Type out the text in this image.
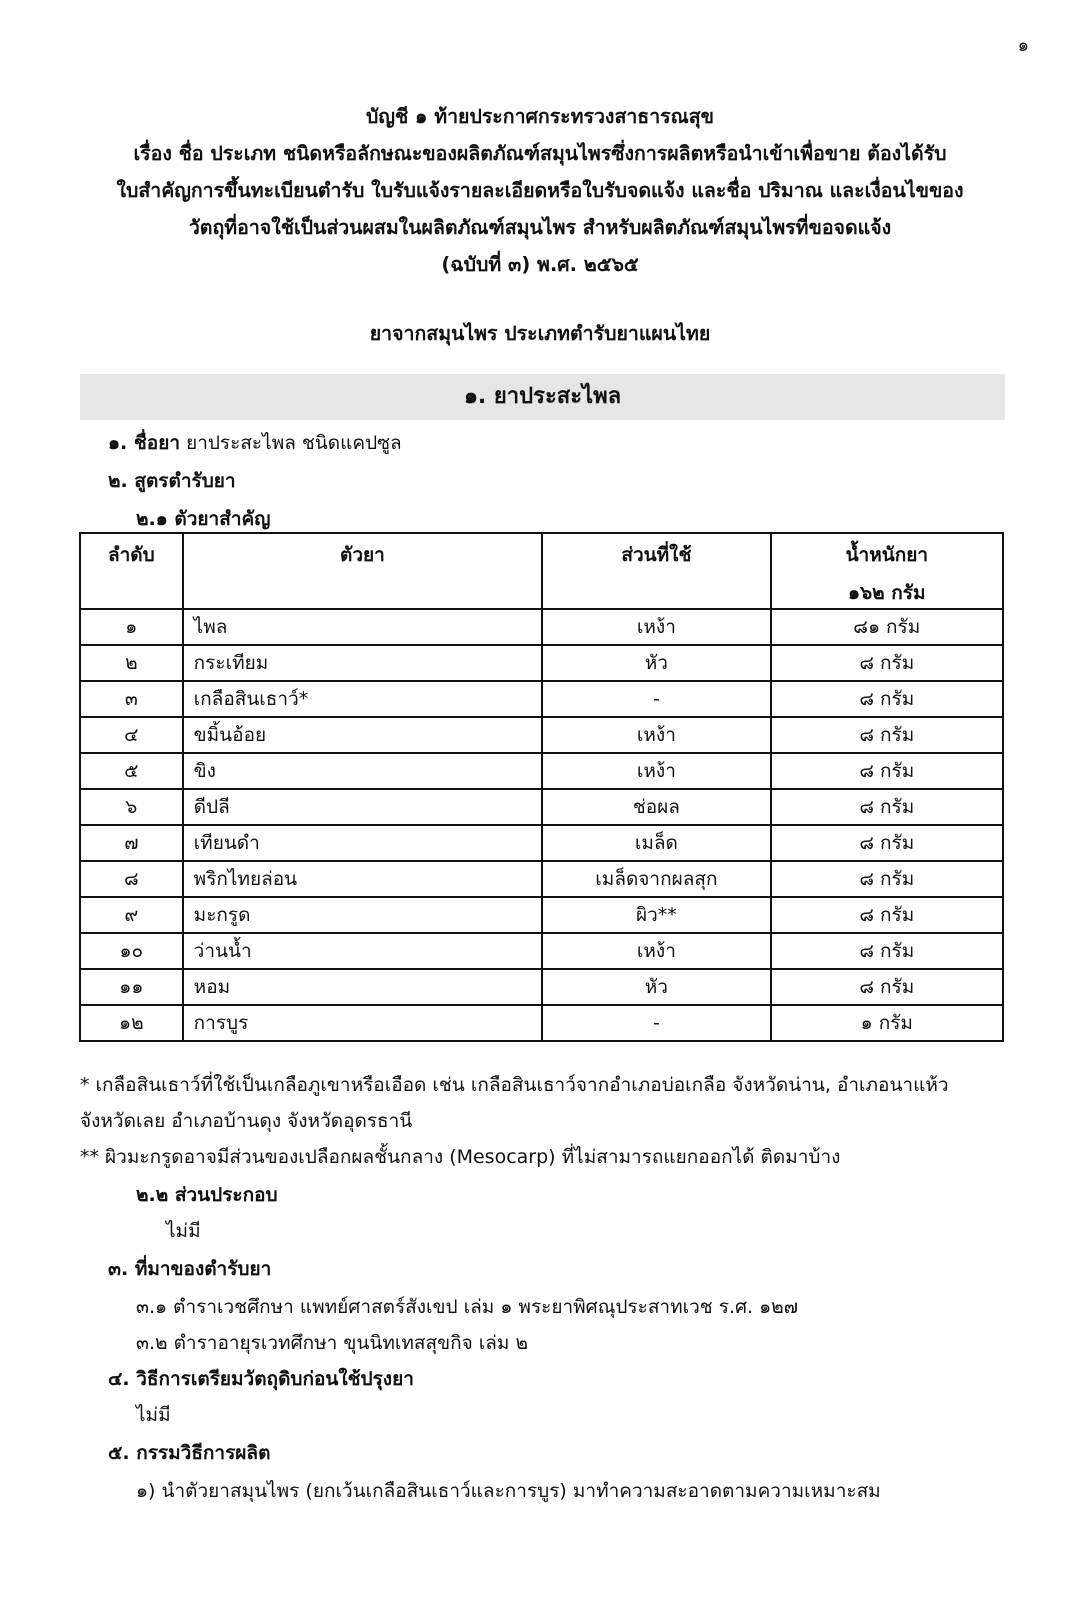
๑
บัญชี ๑ ท้ายประกาศกระทรวงสาธารณสุข
เรื่อง ชื่อ ประเภท ชนิดหรือลักษณะของผลิตภัณฑ์สมุนไพรซึ่งการผลิตหรือนำเข้าเพื่อขาย ต้องได้รับ
ใบสำคัญการขึ้นทะเบียนตำรับ ใบรับแจ้งรายละเอียดหรือใบรับจดแจ้ง และชื่อ ปริมาณ และเงื่อนไขของ
วัตถุที่อาจใช้เป็นส่วนผสมในผลิตภัณฑ์สมุนไพร สำหรับผลิตภัณฑ์สมุนไพรที่ขอจดแจ้ง
(ฉบับที่ ๓) พ.ศ. ๒๕๖๕
ยาจากสมุนไพร ประเภทตำรับยาแผนไทย
๑. ยาประสะไพล
๑. ชื่อยา ยาประสะไพล ชนิดแคปซูล
๒. สูตรตำรับยา
๒.๑ ตัวยาสำคัญ
ลำดับ	ตัวยา	ส่วนที่ใช้	น้ำหนักยา
๑๖๒ กรัม

๑	ไพล	เหง้า	๘๑ กรัม
๒	กระเทียม	หัว	๘ กรัม
๓	เกลือสินเธาว์*	-	๘ กรัม
๔	ขมิ้นอ้อย	เหง้า	๘ กรัม
๕	ขิง	เหง้า	๘ กรัม
๖	ดีปลี	ช่อผล	๘ กรัม
๗	เทียนดำ	เมล็ด	๘ กรัม
๘	พริกไทยล่อน	เมล็ดจากผลสุก	๘ กรัม
๙	มะกรูด	ผิว**	๘ กรัม
๑๐	ว่านน้ำ	เหง้า	๘ กรัม
๑๑	หอม	หัว	๘ กรัม
๑๒	การบูร	-	๑ กรัม
* เกลือสินเธาว์ที่ใช้เป็นเกลือภูเขาหรือเอือด เช่น เกลือสินเธาว์จากอำเภอบ่อเกลือ จังหวัดน่าน, อำเภอนาแห้ว
จังหวัดเลย อำเภอบ้านดุง จังหวัดอุดรธานี
** ผิวมะกรูดอาจมีส่วนของเปลือกผลชั้นกลาง (Mesocarp) ที่ไม่สามารถแยกออกได้ ติดมาบ้าง
๒.๒ ส่วนประกอบ
ไม่มี
๓. ที่มาของตำรับยา
๓.๑ ตำราเวชศึกษา แพทย์ศาสตร์สังเขป เล่ม ๑ พระยาพิศณุประสาทเวช ร.ศ. ๑๒๗
๓.๒ ตำราอายุรเวทศึกษา ขุนนิทเทสสุขกิจ เล่ม ๒
๔. วิธีการเตรียมวัตถุดิบก่อนใช้ปรุงยา
ไม่มี
๕. กรรมวิธีการผลิต
๑) นำตัวยาสมุนไพร (ยกเว้นเกลือสินเธาว์และการบูร) มาทำความสะอาดตามความเหมาะสม
